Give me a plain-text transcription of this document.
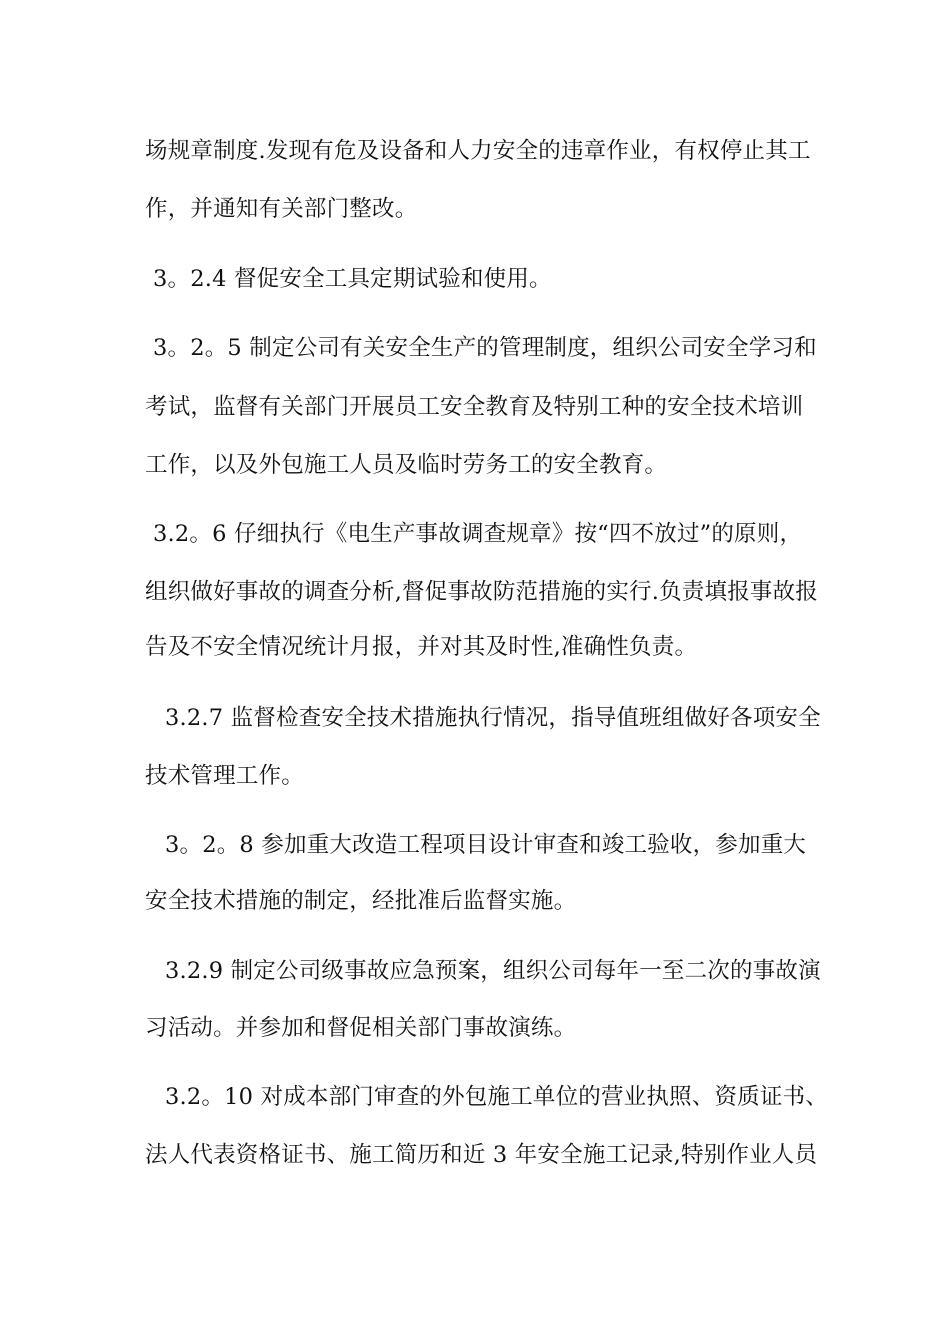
场规章制度.发现有危及设备和人力安全的违章作业，有权停止其工
作，并通知有关部门整改。
3。2.4 督促安全工具定期试验和使用。
3。2。5 制定公司有关安全生产的管理制度，组织公司安全学习和
考试，监督有关部门开展员工安全教育及特别工种的安全技术培训
工作，以及外包施工人员及临时劳务工的安全教育。
3.2。6 仔细执行《电生产事故调查规章》按“四不放过”的原则，
组织做好事故的调查分析,督促事故防范措施的实行.负责填报事故报
告及不安全情况统计月报，并对其及时性,准确性负责。
3.2.7 监督检查安全技术措施执行情况，指导值班组做好各项安全
技术管理工作。
3。2。8 参加重大改造工程项目设计审查和竣工验收，参加重大
安全技术措施的制定，经批准后监督实施。
3.2.9 制定公司级事故应急预案，组织公司每年一至二次的事故演
习活动。并参加和督促相关部门事故演练。
3.2。10 对成本部门审查的外包施工单位的营业执照、资质证书、
法人代表资格证书、施工简历和近 3 年安全施工记录,特别作业人员
